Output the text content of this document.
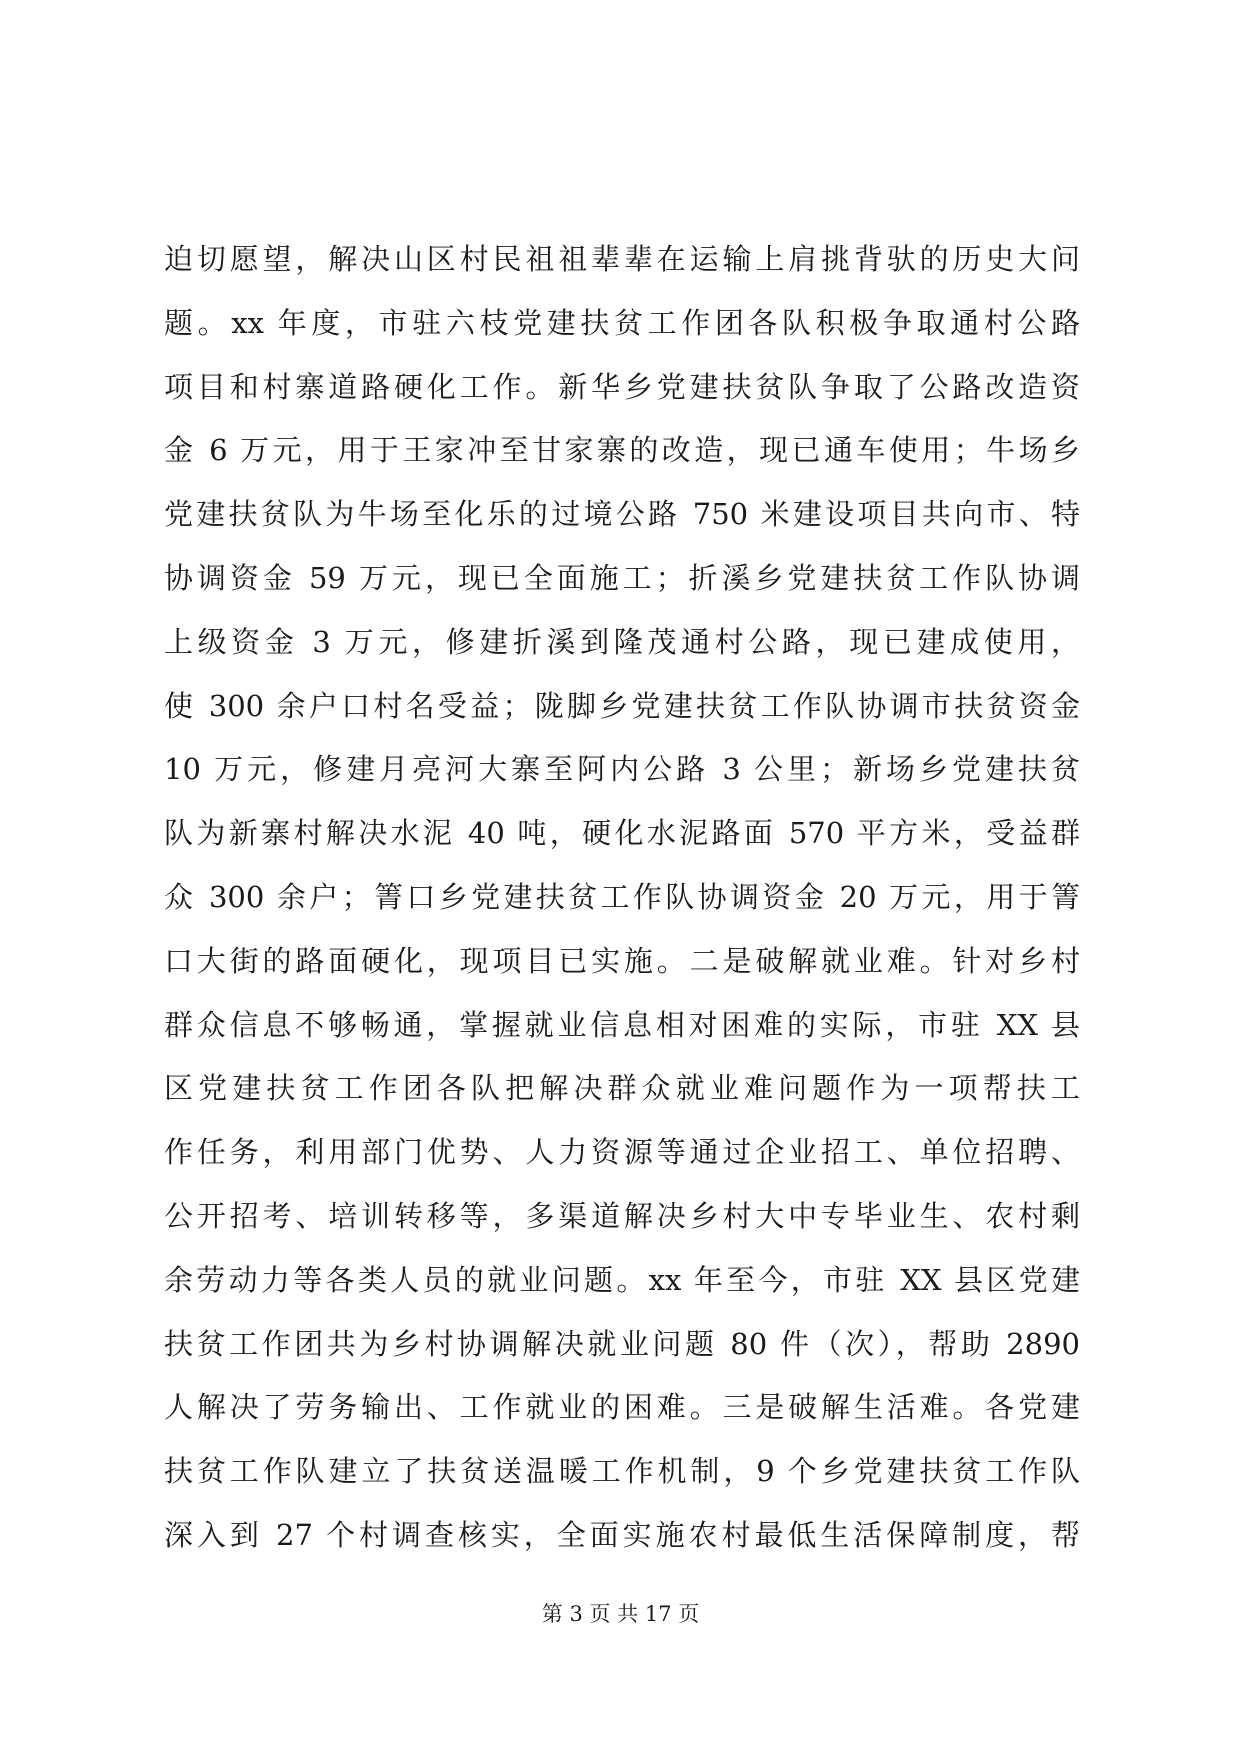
迫切愿望，解决山区村民祖祖辈辈在运输上肩挑背驮的历史大问
题。xx 年度，市驻六枝党建扶贫工作团各队积极争取通村公路
项目和村寨道路硬化工作。新华乡党建扶贫队争取了公路改造资
金 6 万元，用于王家冲至甘家寨的改造，现已通车使用；牛场乡
党建扶贫队为牛场至化乐的过境公路 750 米建设项目共向市、特
协调资金 59 万元，现已全面施工；折溪乡党建扶贫工作队协调
上级资金 3 万元，修建折溪到隆茂通村公路，现已建成使用，
使 300 余户口村名受益；陇脚乡党建扶贫工作队协调市扶贫资金
10 万元，修建月亮河大寨至阿内公路 3 公里；新场乡党建扶贫
队为新寨村解决水泥 40 吨，硬化水泥路面 570 平方米，受益群
众 300 余户；箐口乡党建扶贫工作队协调资金 20 万元，用于箐
口大街的路面硬化，现项目已实施。二是破解就业难。针对乡村
群众信息不够畅通，掌握就业信息相对困难的实际，市驻 XX 县
区党建扶贫工作团各队把解决群众就业难问题作为一项帮扶工
作任务，利用部门优势、人力资源等通过企业招工、单位招聘、
公开招考、培训转移等，多渠道解决乡村大中专毕业生、农村剩
余劳动力等各类人员的就业问题。xx 年至今，市驻 XX 县区党建
扶贫工作团共为乡村协调解决就业问题 80 件（次），帮助 2890
人解决了劳务输出、工作就业的困难。三是破解生活难。各党建
扶贫工作队建立了扶贫送温暖工作机制，9 个乡党建扶贫工作队
深入到 27 个村调查核实，全面实施农村最低生活保障制度，帮
第 3 页 共 17 页
